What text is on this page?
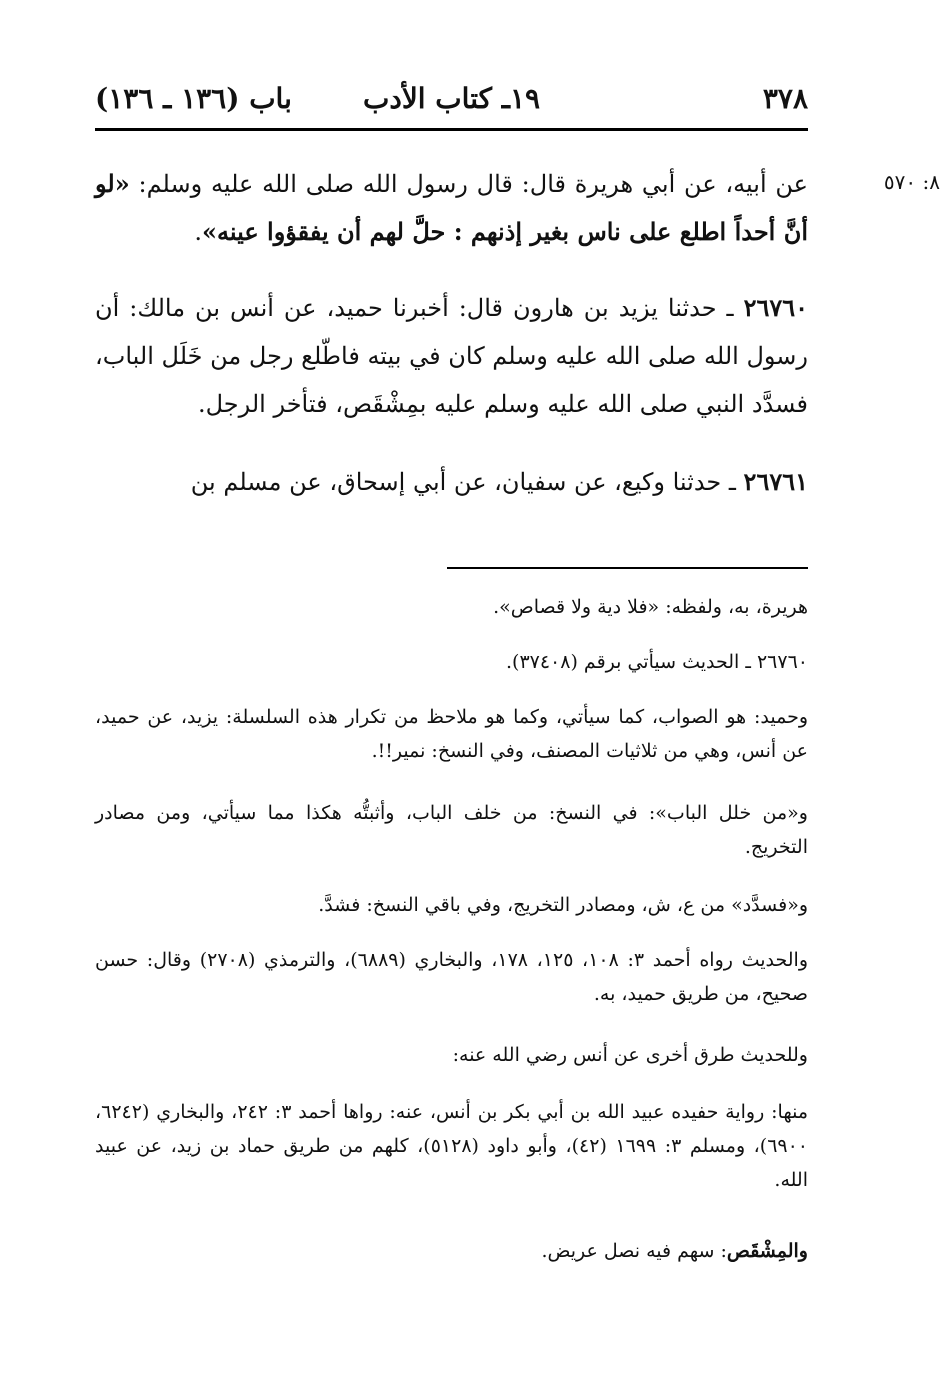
٣٧٨
١٩ـ كتاب الأدب
باب (١٣٦ ـ ١٣٦)
٨: ٥٧٠
عن أبيه، عن أبي هريرة قال: قال رسول الله صلى الله عليه وسلم: «لو أنَّ أحداً اطلع على ناس بغير إذنهم : حلَّ لهم أن يفقؤوا عينه».
٢٦٧٦٠ ـ حدثنا يزيد بن هارون قال: أخبرنا حميد، عن أنس بن مالك: أن رسول الله صلى الله عليه وسلم كان في بيته فاطّلع رجل من خَلَل الباب، فسدَّد النبي صلى الله عليه وسلم عليه بمِشْقَص، فتأخر الرجل.
٢٦٧٦١ ـ حدثنا وكيع، عن سفيان، عن أبي إسحاق، عن مسلم بن
هريرة، به، ولفظه: «فلا دية ولا قصاص».
٢٦٧٦٠ ـ الحديث سيأتي برقم (٣٧٤٠٨).
وحميد: هو الصواب، كما سيأتي، وكما هو ملاحظ من تكرار هذه السلسلة: يزيد، عن حميد، عن أنس، وهي من ثلاثيات المصنف، وفي النسخ: نمير!!.
و«من خلل الباب»: في النسخ: من خلف الباب، وأثبتُّه هكذا مما سيأتي، ومن مصادر التخريج.
و«فسدَّد» من ع، ش، ومصادر التخريج، وفي باقي النسخ: فشدَّ.
والحديث رواه أحمد ٣: ١٠٨، ١٢٥، ١٧٨، والبخاري (٦٨٨٩)، والترمذي (٢٧٠٨) وقال: حسن صحيح، من طريق حميد، به.
وللحديث طرق أخرى عن أنس رضي الله عنه:
منها: رواية حفيده عبيد الله بن أبي بكر بن أنس، عنه: رواها أحمد ٣: ٢٤٢، والبخاري (٦٢٤٢، ٦٩٠٠)، ومسلم ٣: ١٦٩٩ (٤٢)، وأبو داود (٥١٢٨)، كلهم من طريق حماد بن زيد، عن عبيد الله.
والمِشْقَص: سهم فيه نصل عريض.
